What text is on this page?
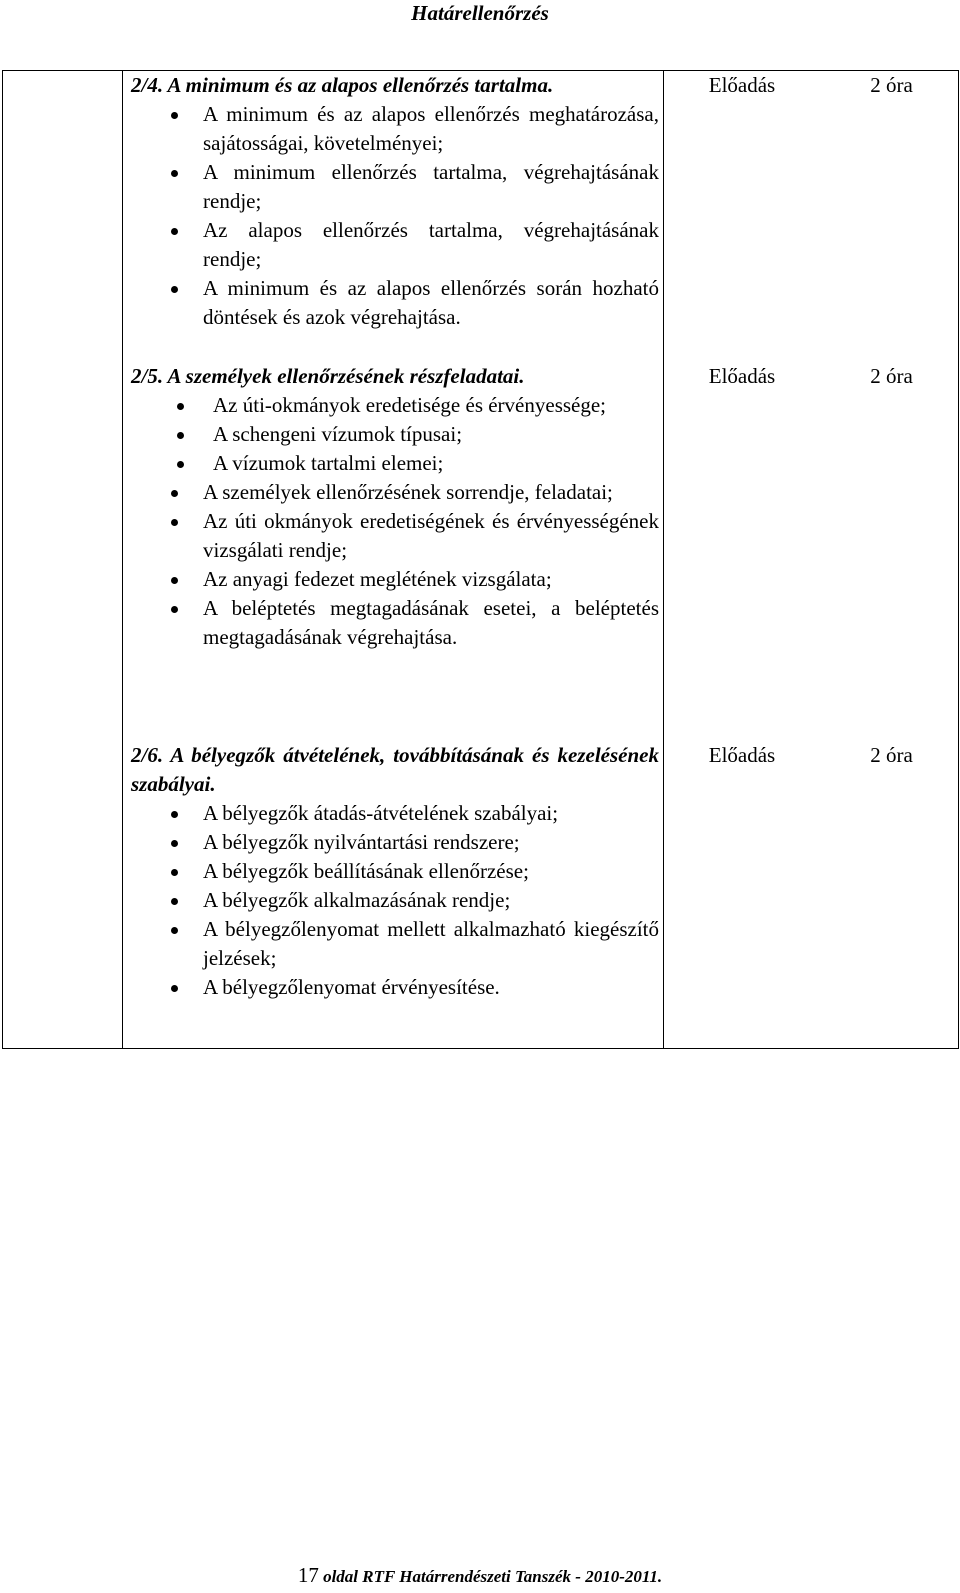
Határellenőrzés
2/4. A minimum és az alapos ellenőrzés tartalma.
A minimum és az alapos ellenőrzés meghatározása, sajátosságai, követelményei;
A minimum ellenőrzés tartalma, végrehajtásának rendje;
Az alapos ellenőrzés tartalma, végrehajtásának rendje;
A minimum és az alapos ellenőrzés során hozható döntések és azok végrehajtása.
Előadás	2 óra
2/5. A személyek ellenőrzésének részfeladatai.
Az úti-okmányok eredetisége és érvényessége;
A schengeni vízumok típusai;
A vízumok tartalmi elemei;
A személyek ellenőrzésének sorrendje, feladatai;
Az úti okmányok eredetiségének és érvényességének vizsgálati rendje;
Az anyagi fedezet meglétének vizsgálata;
A beléptetés megtagadásának esetei, a beléptetés megtagadásának végrehajtása.
Előadás	2 óra
2/6. A bélyegzők átvételének, továbbításának és kezelésének szabályai.
A bélyegzők átadás-átvételének szabályai;
A bélyegzők nyilvántartási rendszere;
A bélyegzők beállításának ellenőrzése;
A bélyegzők alkalmazásának rendje;
A bélyegzőlenyomat mellett alkalmazható kiegészítő jelzések;
A bélyegzőlenyomat érvényesítése.
Előadás	2 óra
17 oldal RTF Határrendészeti Tanszék - 2010-2011.
